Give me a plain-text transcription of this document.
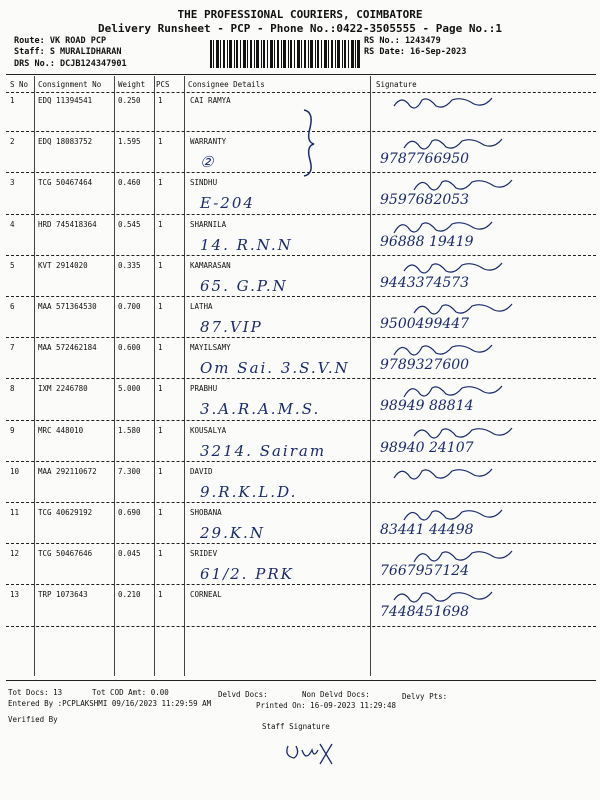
THE PROFESSIONAL COURIERS, COIMBATORE
Delivery Runsheet - PCP - Phone No.:0422-3505555 - Page No.:1
Route: VK ROAD PCP
Staff: S MURALIDHARAN
DRS No.: DCJB124347901
RS No.: 1243479
RS Date: 16-Sep-2023
S No Consignment No Weight PCS Consignee Details	Signature
1	EDQ 11394541	0.250 1	CAI RAMYA
2	EDQ 18083752	1.595 1	WARRANTY
②	9787766950
3	TCG 50467464	0.460 1	SINDHU
E-204	9597682053
4	HRD 745418364	0.545 1	SHARNILA
14. R.N.N	96888 19419
5	KVT 2914020	0.335 1	KAMARASAN
65. G.P.N	9443374573
6	MAA 571364530	0.700 1	LATHA
87.VIP	9500499447
7	MAA 572462184	0.600 1	MAYILSAMY
Om Sai. 3.S.V.N 9789327600
8	IXM 2246780	5.000 1	PRABHU
3.A.R.A.M.S.	98949 88814
9	MRC 448010	1.580 1	KOUSALYA
3214. Sairam	98940 24107
10	MAA 292110672	7.300 1	DAVID
9.R.K.L.D.
11	TCG 40629192	0.690 1	SHOBANA
29.K.N	83441 44498
12	TCG 50467646	0.045 1	SRIDEV
61/2. PRK	7667957124
13	TRP 1073643	0.210 1	CORNEAL
7448451698
Tot Docs: 13	Tot COD Amt: 0.00	Delvd Docs:	Non Delvd Docs:	Delvy Pts:
Entered By :PCPLAKSHMI 09/16/2023 11:29:59 AM	Printed On: 16-09-2023 11:29:48
Verified By
Staff Signature
